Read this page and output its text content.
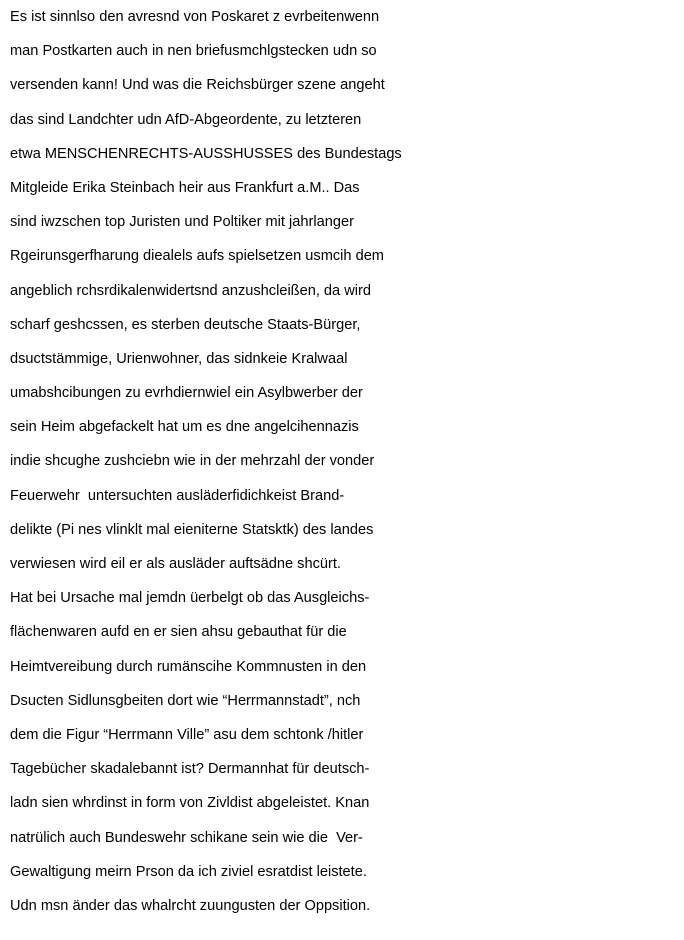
Es ist sinnlso den avresnd von Poskaret z evrbeitenwenn
man Postkarten auch in nen briefusmchlgstecken udn so
versenden kann! Und was die Reichsbürger szene angeht
das sind Landchter udn AfD-Abgeordente, zu letzteren
etwa MENSCHENRECHTS-AUSSHUSSES des Bundestags
Mitgleide Erika Steinbach heir aus Frankfurt a.M.. Das
sind iwzschen top Juristen und Poltiker mit jahrlanger
Rgeirunsgerfharung diealels aufs spielsetzen usmcih dem
angeblich rchsrdikalenwidertsnd anzushcleißen, da wird
scharf geshcssen, es sterben deutsche Staats-Bürger,
dsuctstämmige, Urienwohner, das sidnkeie Kralwaal
umabshcibungen zu evrhdiernwiel ein Asylbwerber der
sein Heim abgefackelt hat um es dne angelcihennazis
indie shcughe zushciebn wie in der mehrzahl der vonder
Feuerwehr  untersuchten ausläderfidichkeist Brand-
delikte (Pi nes vlinklt mal eieniterne Statsktk) des landes
verwiesen wird eil er als ausläder auftsädne shcürt.
Hat bei Ursache mal jemdn üerbelgt ob das Ausgleichs-
flächenwaren aufd en er sien ahsu gebauthat für die
Heimtvereibung durch rumänscihe Kommnusten in den
Dsucten Sidlunsgbeiten dort wie “Herrmannstadt”, nch
dem die Figur “Herrmann Ville” asu dem schtonk /hitler
Tagebücher skadalebannt ist? Dermannhat für deutsch-
ladn sien whrdinst in form von Zivldist abgeleistet. Knan
natrülich auch Bundeswehr schikane sein wie die  Ver-
Gewaltigung meirn Prson da ich ziviel esratdist leistete.
Udn msn änder das whalrcht zuungusten der Oppsition.
